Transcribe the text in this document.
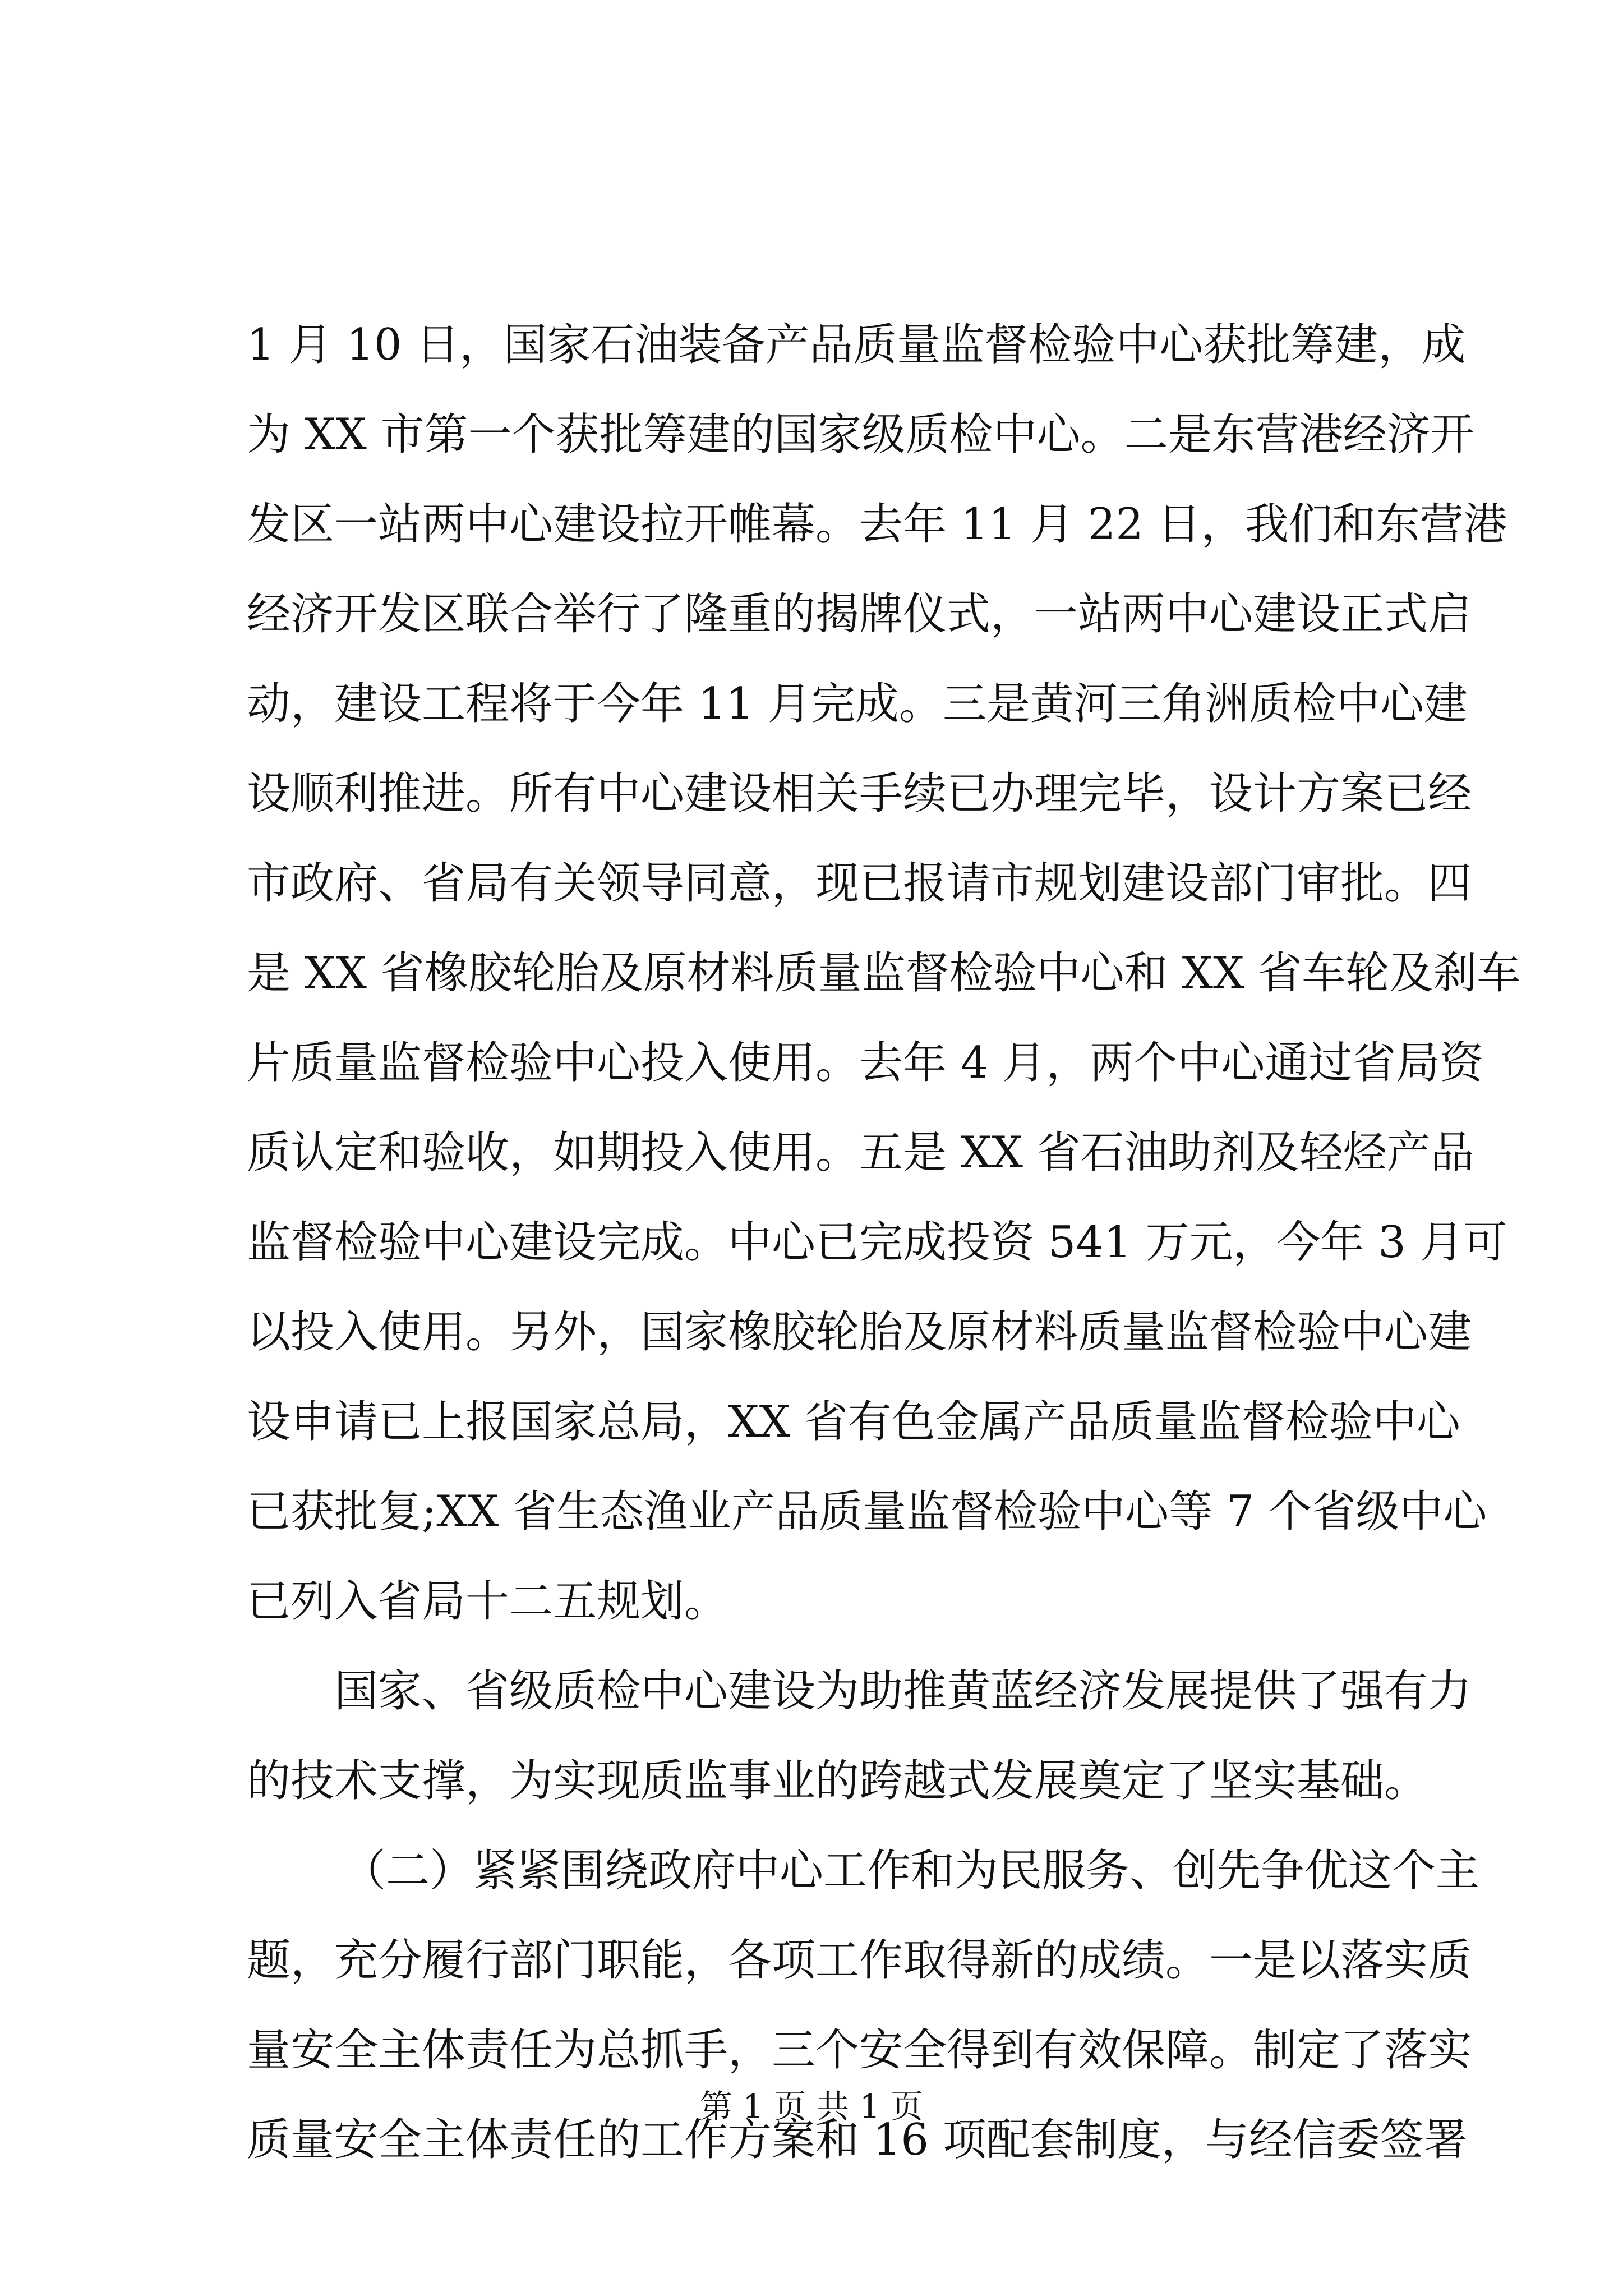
1 月 10 日，国家石油装备产品质量监督检验中心获批筹建，成
为 XX 市第一个获批筹建的国家级质检中心。二是东营港经济开
发区一站两中心建设拉开帷幕。去年 11 月 22 日，我们和东营港
经济开发区联合举行了隆重的揭牌仪式，一站两中心建设正式启
动，建设工程将于今年 11 月完成。三是黄河三角洲质检中心建
设顺利推进。所有中心建设相关手续已办理完毕，设计方案已经
市政府、省局有关领导同意，现已报请市规划建设部门审批。四
是 XX 省橡胶轮胎及原材料质量监督检验中心和 XX 省车轮及刹车
片质量监督检验中心投入使用。去年 4 月，两个中心通过省局资
质认定和验收，如期投入使用。五是 XX 省石油助剂及轻烃产品
监督检验中心建设完成。中心已完成投资 541 万元，今年 3 月可
以投入使用。另外，国家橡胶轮胎及原材料质量监督检验中心建
设申请已上报国家总局，XX 省有色金属产品质量监督检验中心
已获批复;XX 省生态渔业产品质量监督检验中心等 7 个省级中心
已列入省局十二五规划。
国家、省级质检中心建设为助推黄蓝经济发展提供了强有力
的技术支撑，为实现质监事业的跨越式发展奠定了坚实基础。
（二）紧紧围绕政府中心工作和为民服务、创先争优这个主
题，充分履行部门职能，各项工作取得新的成绩。一是以落实质
量安全主体责任为总抓手，三个安全得到有效保障。制定了落实
质量安全主体责任的工作方案和 16 项配套制度，与经信委签署
第 1 页 共 1 页
